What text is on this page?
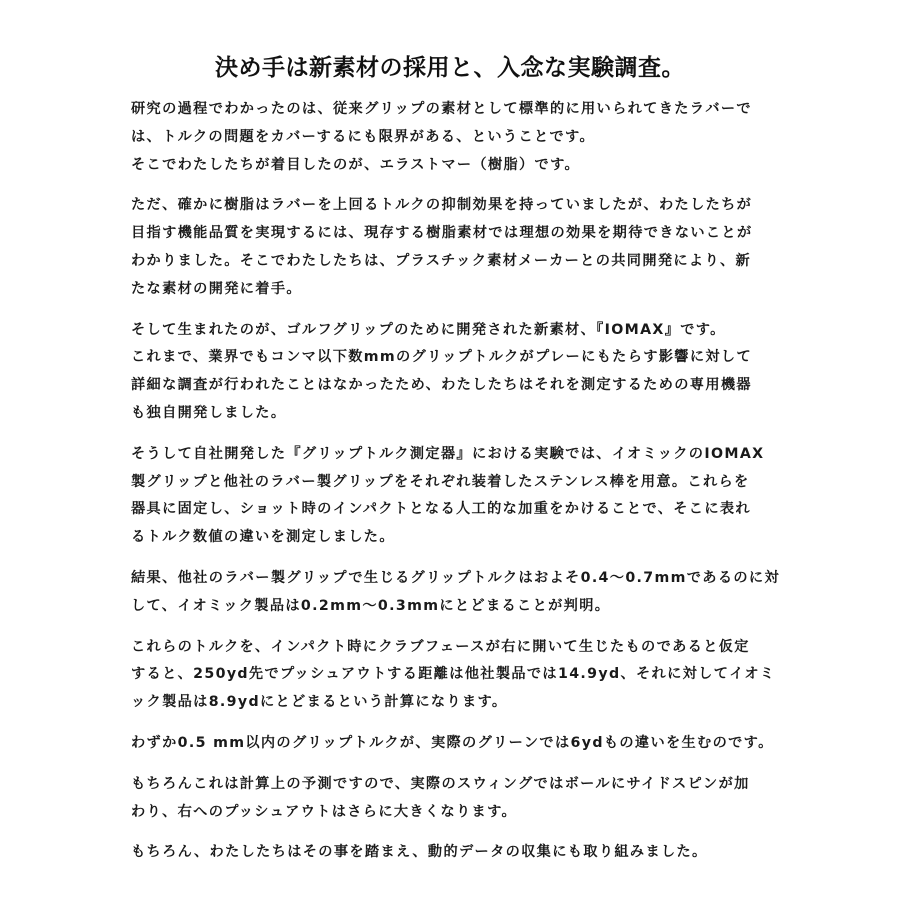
決め手は新素材の採用と、入念な実験調査。

研究の過程でわかったのは、従来グリップの素材として標準的に用いられてきたラバーで
は、トルクの問題をカバーするにも限界がある、ということです。
そこでわたしたちが着目したのが、エラストマー（樹脂）です。

ただ、確かに樹脂はラバーを上回るトルクの抑制効果を持っていましたが、わたしたちが
目指す機能品質を実現するには、現存する樹脂素材では理想の効果を期待できないことが
わかりました。そこでわたしたちは、プラスチック素材メーカーとの共同開発により、新
たな素材の開発に着手。

そして生まれたのが、ゴルフグリップのために開発された新素材、『IOMAX』です。
これまで、業界でもコンマ以下数mmのグリップトルクがプレーにもたらす影響に対して
詳細な調査が行われたことはなかったため、わたしたちはそれを測定するための専用機器
も独自開発しました。

そうして自社開発した『グリップトルク測定器』における実験では、イオミックのIOMAX
製グリップと他社のラバー製グリップをそれぞれ装着したステンレス棒を用意。これらを
器具に固定し、ショット時のインパクトとなる人工的な加重をかけることで、そこに表れ
るトルク数値の違いを測定しました。

結果、他社のラバー製グリップで生じるグリップトルクはおよそ0.4〜0.7mmであるのに対
して、イオミック製品は0.2mm〜0.3mmにとどまることが判明。

これらのトルクを、インパクト時にクラブフェースが右に開いて生じたものであると仮定
すると、250yd先でプッシュアウトする距離は他社製品では14.9yd、それに対してイオミ
ック製品は8.9ydにとどまるという計算になります。

わずか0.5 mm以内のグリップトルクが、実際のグリーンでは6ydもの違いを生むのです。

もちろんこれは計算上の予測ですので、実際のスウィングではボールにサイドスピンが加
わり、右へのプッシュアウトはさらに大きくなります。

もちろん、わたしたちはその事を踏まえ、動的データの収集にも取り組みました。
